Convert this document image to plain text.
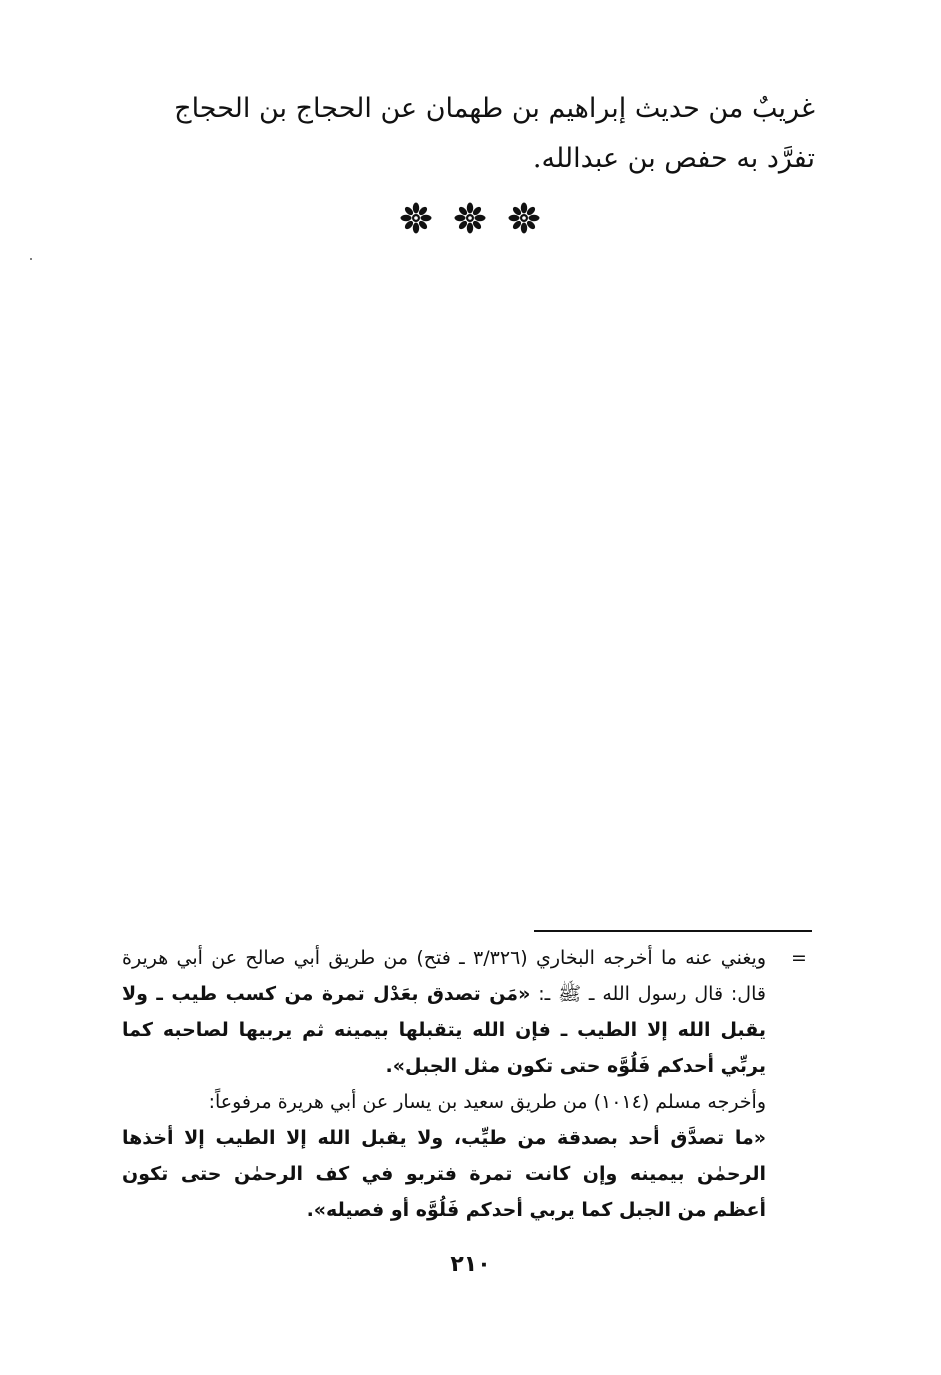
غريبٌ من حديث إبراهيم بن طهمان عن الحجاج بن الحجاج

تفرَّد به حفص بن عبدالله.

=

ويغني عنه ما أخرجه البخاري (٣/٣٢٦ ـ فتح) من طريق أبي صالح عن أبي هريرة قال: قال رسول الله ـ ﷺ ـ: «مَن تصدق بعَدْل تمرة من كسب طيب ـ ولا يقبل الله إلا الطيب ـ فإن الله يتقبلها بيمينه ثم يربيها لصاحبه كما يربِّي أحدكم فَلُوَّه حتى تكون مثل الجبل».

وأخرجه مسلم (١٠١٤) من طريق سعيد بن يسار عن أبي هريرة مرفوعاً:

«ما تصدَّق أحد بصدقة من طيِّب، ولا يقبل الله إلا الطيب إلا أخذها الرحمٰن بيمينه وإن كانت تمرة فتربو في كف الرحمٰن حتى تكون أعظم من الجبل كما يربي أحدكم فَلُوَّه أو فصيله».

٢١٠
